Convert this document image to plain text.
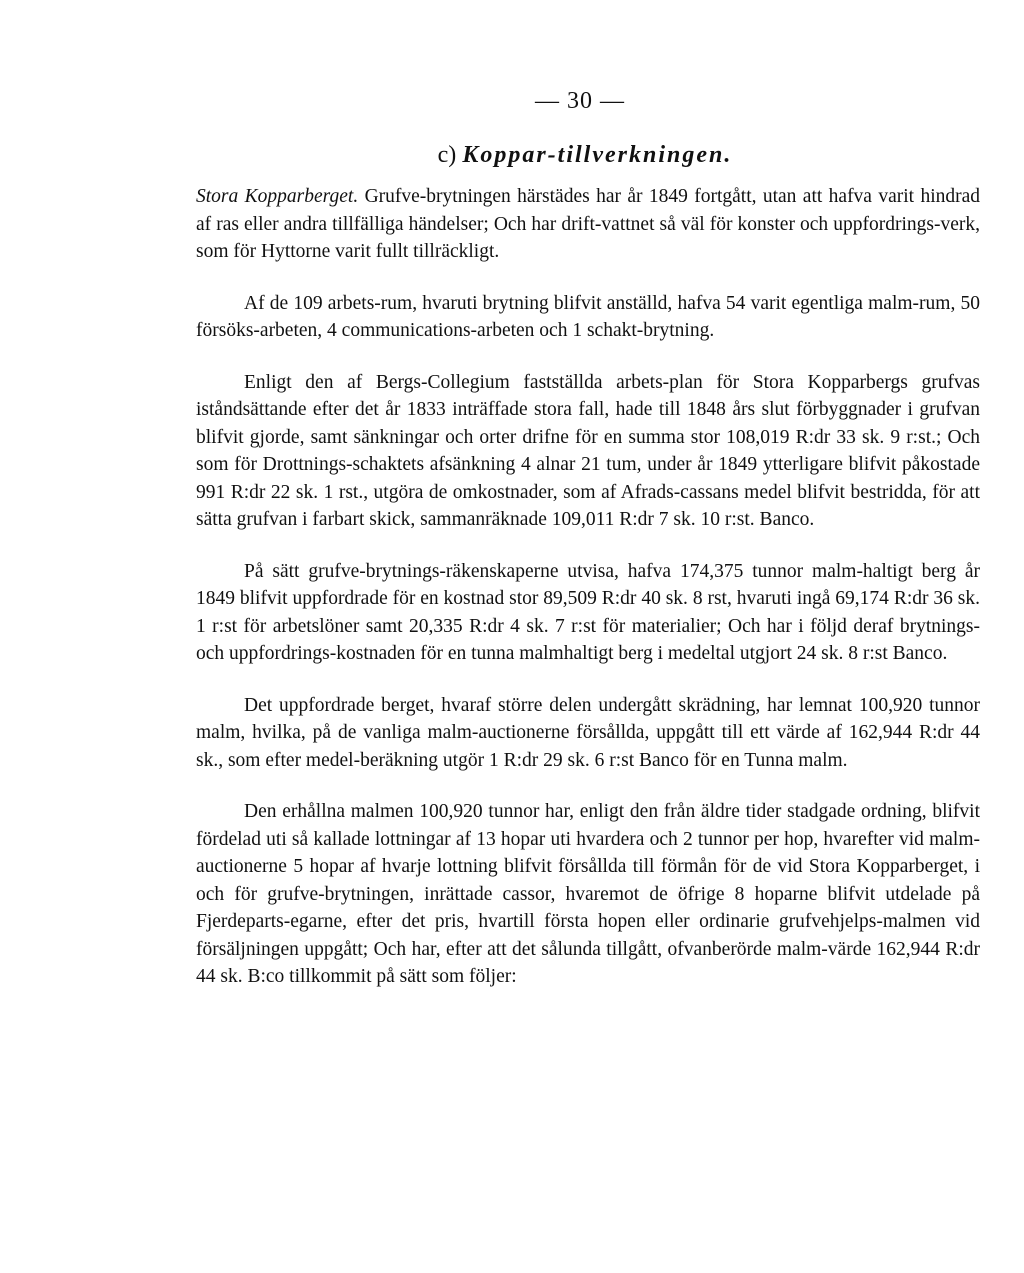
— 30 —
c) Koppar-tillverkningen.

Stora Kopparberget. Grufve-brytningen härstädes har år 1849 fortgått, utan att hafva varit hindrad af ras eller andra tillfälliga händelser; Och har drift-vattnet så väl för konster och uppfordrings-verk, som för Hyttorne varit fullt tillräckligt.

Af de 109 arbets-rum, hvaruti brytning blifvit anställd, hafva 54 varit egentliga malm-rum, 50 försöks-arbeten, 4 communications-arbeten och 1 schakt-brytning.

Enligt den af Bergs-Collegium fastställda arbets-plan för Stora Kopparbergs grufvas iståndsättande efter det år 1833 inträffade stora fall, hade till 1848 års slut förbyggnader i grufvan blifvit gjorde, samt sänkningar och orter drifne för en summa stor 108,019 R:dr 33 sk. 9 r:st.; Och som för Drottnings-schaktets afsänkning 4 alnar 21 tum, under år 1849 ytterligare blifvit påkostade 991 R:dr 22 sk. 1 rst., utgöra de omkostnader, som af Afrads-cassans medel blifvit bestridda, för att sätta grufvan i farbart skick, sammanräknade 109,011 R:dr 7 sk. 10 r:st. Banco.

På sätt grufve-brytnings-räkenskaperne utvisa, hafva 174,375 tunnor malm-haltigt berg år 1849 blifvit uppfordrade för en kostnad stor 89,509 R:dr 40 sk. 8 rst, hvaruti ingå 69,174 R:dr 36 sk. 1 r:st för arbetslöner samt 20,335 R:dr 4 sk. 7 r:st för materialier; Och har i följd deraf brytnings- och uppfordrings-kostnaden för en tunna malmhaltigt berg i medeltal utgjort 24 sk. 8 r:st Banco.

Det uppfordrade berget, hvaraf större delen undergått skrädning, har lemnat 100,920 tunnor malm, hvilka, på de vanliga malm-auctionerne försållda, uppgått till ett värde af 162,944 R:dr 44 sk., som efter medel-beräkning utgör 1 R:dr 29 sk. 6 r:st Banco för en Tunna malm.

Den erhållna malmen 100,920 tunnor har, enligt den från äldre tider stadgade ordning, blifvit fördelad uti så kallade lottningar af 13 hopar uti hvardera och 2 tunnor per hop, hvarefter vid malm-auctionerne 5 hopar af hvarje lottning blifvit försållda till förmån för de vid Stora Kopparberget, i och för grufve-brytningen, inrättade cassor, hvaremot de öfrige 8 hoparne blifvit utdelade på Fjerdeparts-egarne, efter det pris, hvartill första hopen eller ordinarie grufvehjelps-malmen vid försäljningen uppgått; Och har, efter att det sålunda tillgått, ofvanberörde malm-värde 162,944 R:dr 44 sk. B:co tillkommit på sätt som följer:
